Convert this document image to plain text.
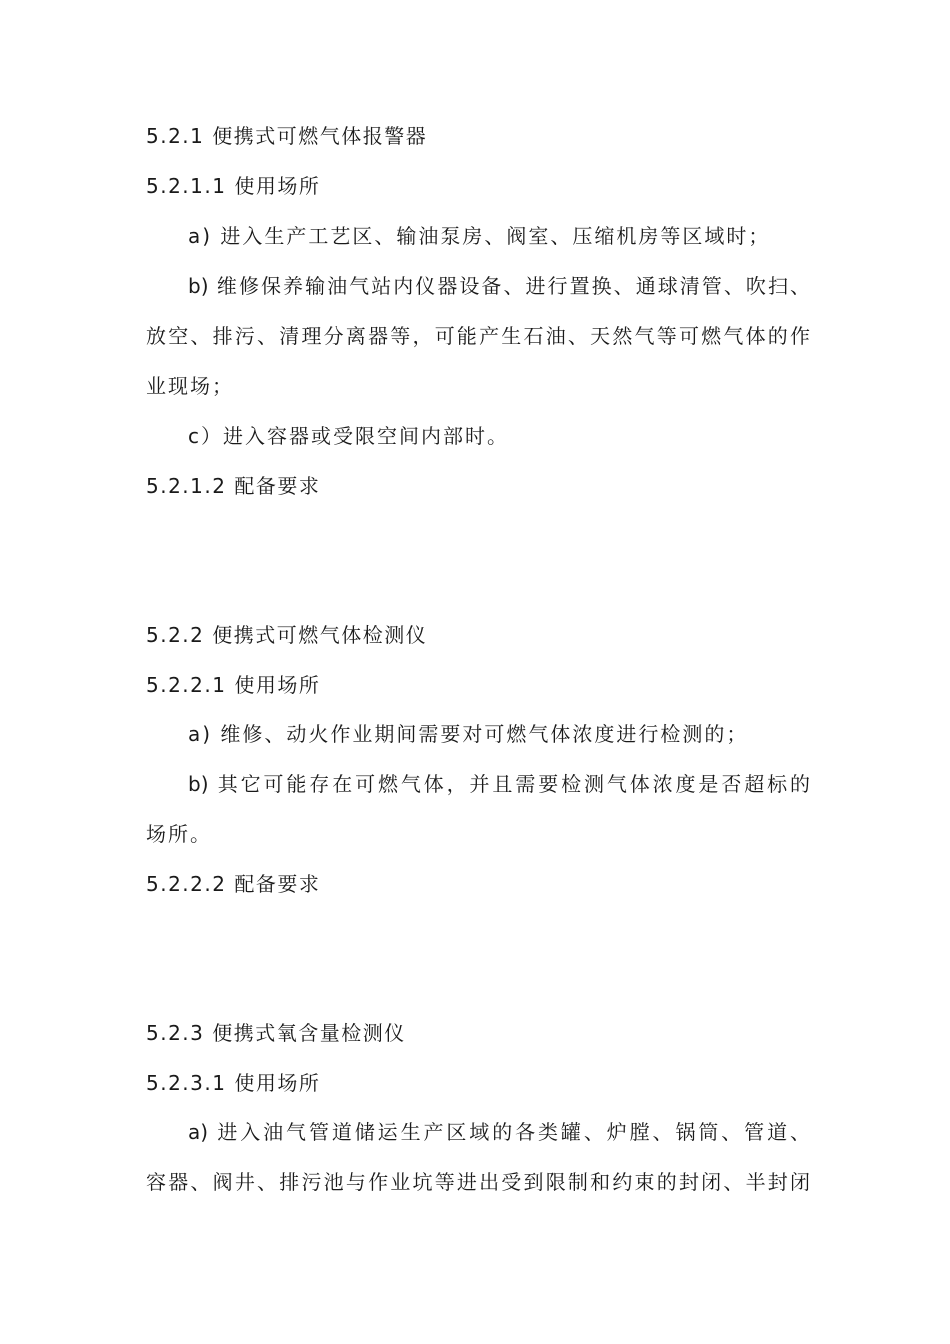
5.2.1 便携式可燃气体报警器
5.2.1.1 使用场所
a) 进入生产工艺区、输油泵房、阀室、压缩机房等区域时；
b) 维修保养输油气站内仪器设备、进行置换、通球清管、吹扫、
放空、排污、清理分离器等，可能产生石油、天然气等可燃气体的作
业现场；
c）进入容器或受限空间内部时。
5.2.1.2 配备要求
5.2.2 便携式可燃气体检测仪
5.2.2.1 使用场所
a) 维修、动火作业期间需要对可燃气体浓度进行检测的；
b) 其它可能存在可燃气体，并且需要检测气体浓度是否超标的
场所。
5.2.2.2 配备要求
5.2.3 便携式氧含量检测仪
5.2.3.1 使用场所
a) 进入油气管道储运生产区域的各类罐、炉膛、锅筒、管道、
容器、阀井、排污池与作业坑等进出受到限制和约束的封闭、半封闭
